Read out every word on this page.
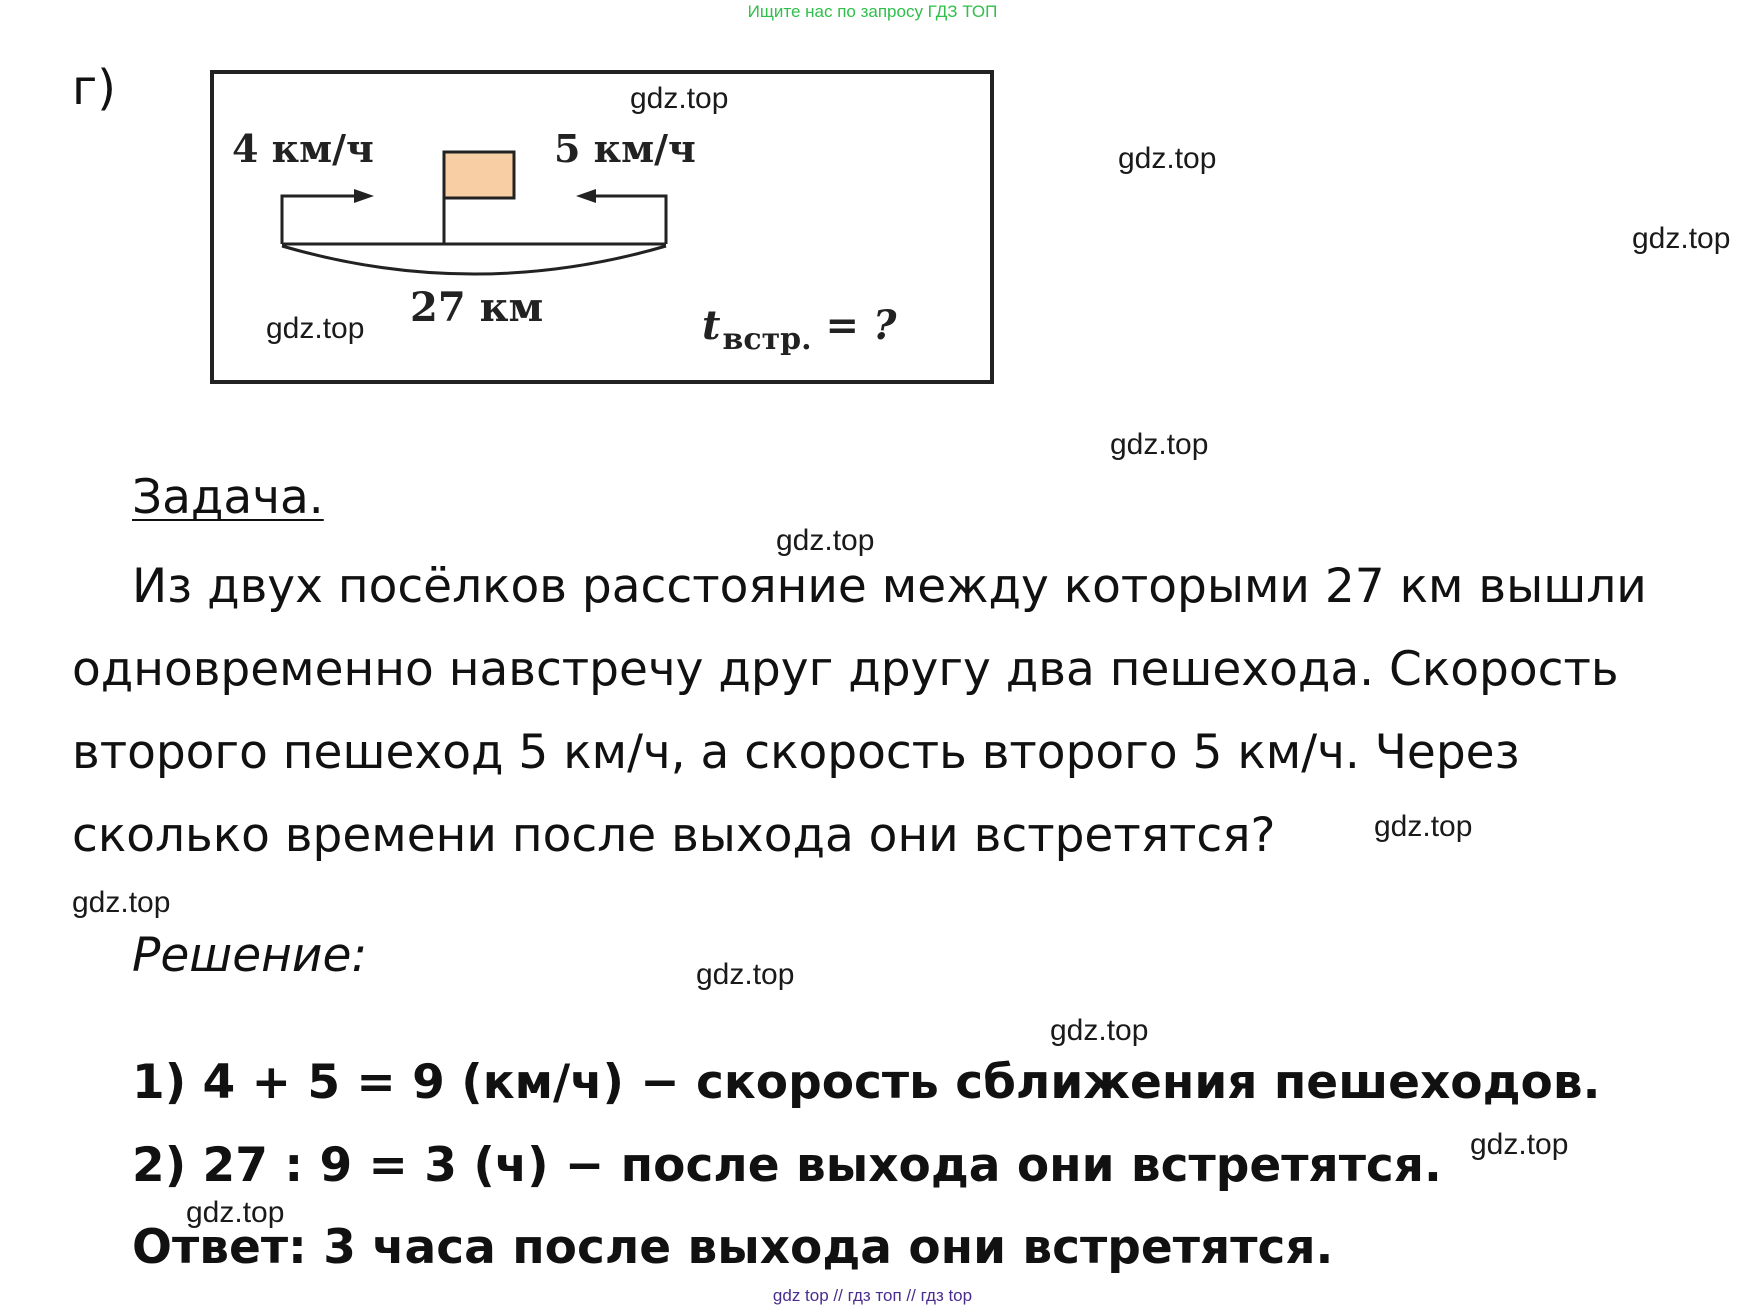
Ищите нас по запросу ГДЗ ТОП
г)
4 км/ч	5 км/ч
27 км	$t_{встр.}$ = ?
gdz.top
gdz.top
gdz.top
gdz.top
gdz.top
gdz.top
gdz.top
gdz.top
gdz.top
gdz.top
gdz.top
gdz.top
Задача.
Из двух посёлков расстояние между которыми 27 км вышли одновременно навстречу друг другу два пешехода. Скорость второго пешеход 5 км/ч, а скорость второго 5 км/ч. Через сколько времени после выхода они встретятся?
Решение:
1) 4 + 5 = 9 (км/ч) − скорость сближения пешеходов.
2) 27 : 9 = 3 (ч) − после выхода они встретятся.
Ответ: 3 часа после выхода они встретятся.
gdz top // гдз топ // гдз top
